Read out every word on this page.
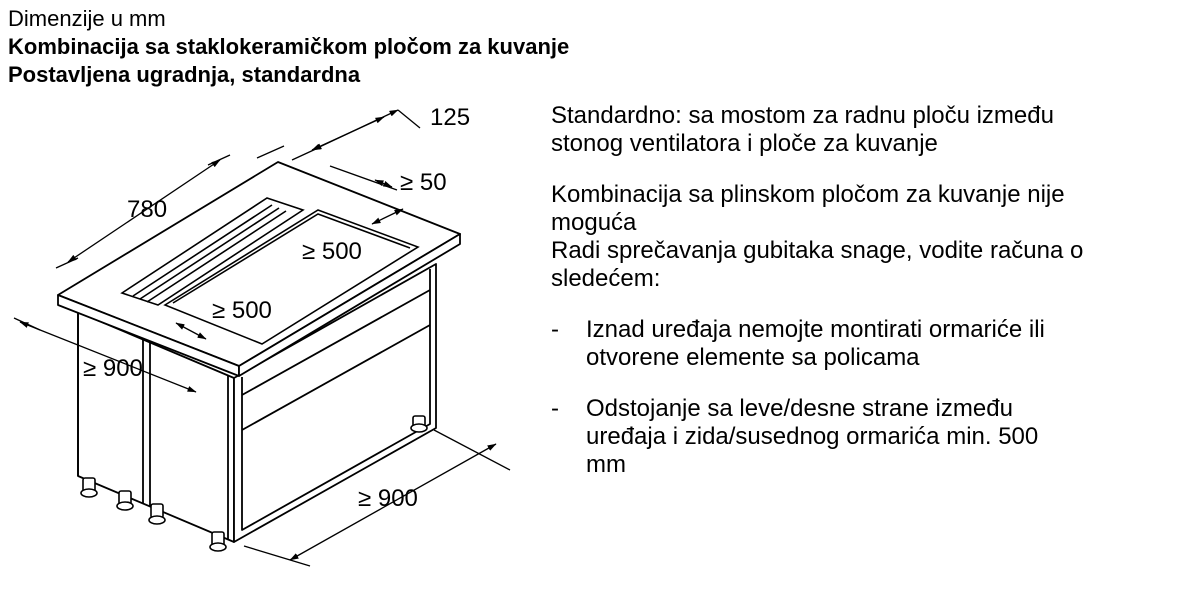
Dimenzije u mm
Kombinacija sa staklokeramičkom pločom za kuvanje
Postavljena ugradnja, standardna
125
≥ 50
780
≥ 500
≥ 500
≥ 900
≥ 900

Standardno: sa mostom za radnu ploču između

stonog ventilatora i ploče za kuvanje

Kombinacija sa plinskom pločom za kuvanje nije

moguća

Radi sprečavanja gubitaka snage, vodite računa o

sledećem:

- Iznad uređaja nemojte montirati ormariće ili

otvorene elemente sa policama

- Odstojanje sa leve/desne strane između

uređaja i zida/susednog ormarića min. 500

mm
